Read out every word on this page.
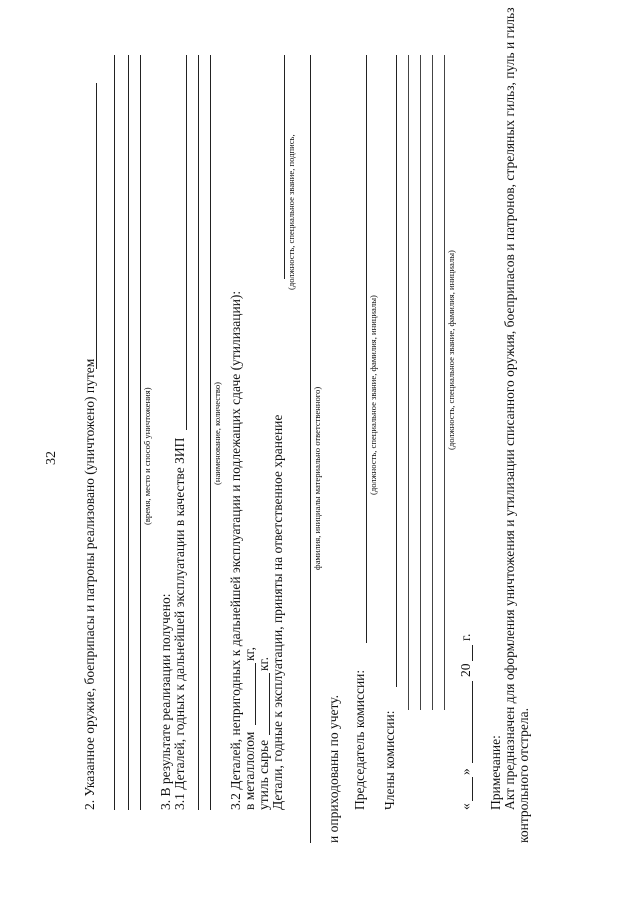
32 2. Указанное оружие, боеприпасы и патроны реализовано (уничтожено) путем	(время, место и способ уничтожения)
3. В результате реализации получено: 3.1 Деталей, годных к дальнейшей эксплуатации в качестве ЗИП
(наименование, количество) 3.2 Деталей, непригодных к дальнейшей эксплуатации и подлежащих сдаче (утилизации): в металлолом
кг,
утиль сырье
кг. Детали, годные к эксплуатации, приняты на ответственное хранение
(должность, специальное звание, подпись,
фамилия, инициалы материально ответственного)
и оприходованы по учету. Председатель комиссии:
(должность, специальное звание, фамилия, инициалы)
Члены комиссии:
(должность, специальное звание, фамилия, инициалы)
«
»
20
г.
Примечание: Акт предназначен для оформления уничтожения и утилизации списанного оружия, боеприпасов и патронов, стреляных гильз, пуль и гильз контрольного отстрела.
